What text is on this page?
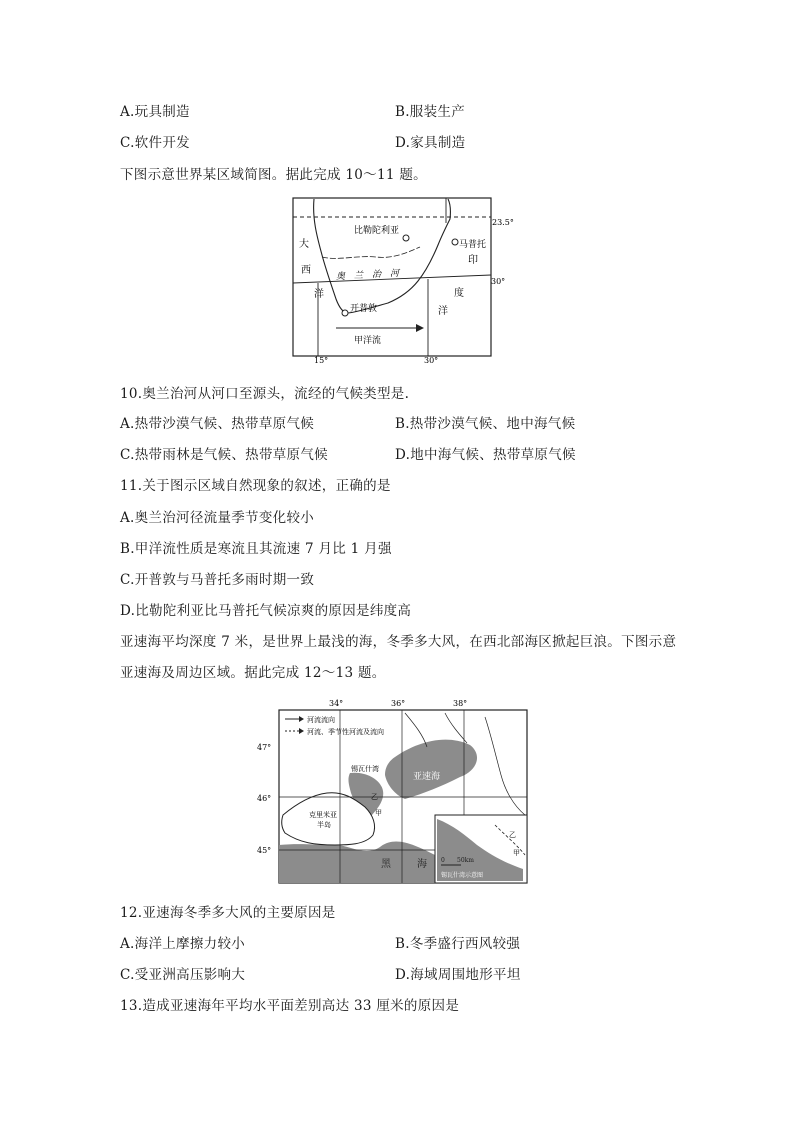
A.玩具制造	B.服装生产
C.软件开发	D.家具制造
下图示意世界某区域简图。据此完成 10～11 题。
23.5°
30°
15°	30°
比勒陀利亚
马普托
开普敦
大
西
洋
印
度
洋
奥 兰 治 河
甲洋流
10.奥兰治河从河口至源头，流经的气候类型是.
A.热带沙漠气候、热带草原气候	B.热带沙漠气候、地中海气候
C.热带雨林是气候、热带草原气候	D.地中海气候、热带草原气候
11.关于图示区域自然现象的叙述，正确的是
A.奥兰治河径流量季节变化较小
B.甲洋流性质是寒流且其流速 7 月比 1 月强
C.开普敦与马普托多雨时期一致
D.比勒陀利亚比马普托气候凉爽的原因是纬度高
亚速海平均深度 7 米，是世界上最浅的海，冬季多大风，在西北部海区掀起巨浪。下图示意
亚速海及周边区域。据此完成 12～13 题。
34°	36°	38°
47°
46°
45°
0 50km
锡瓦什湾示意图
乙
甲
河流流向
河流、季节性河流及流向
锡瓦什湾
亚速海
克里米亚
半岛
黑	海
乙
甲
12.亚速海冬季多大风的主要原因是
A.海洋上摩擦力较小	B.冬季盛行西风较强
C.受亚洲高压影响大	D.海域周围地形平坦
13.造成亚速海年平均水平面差别高达 33 厘米的原因是
